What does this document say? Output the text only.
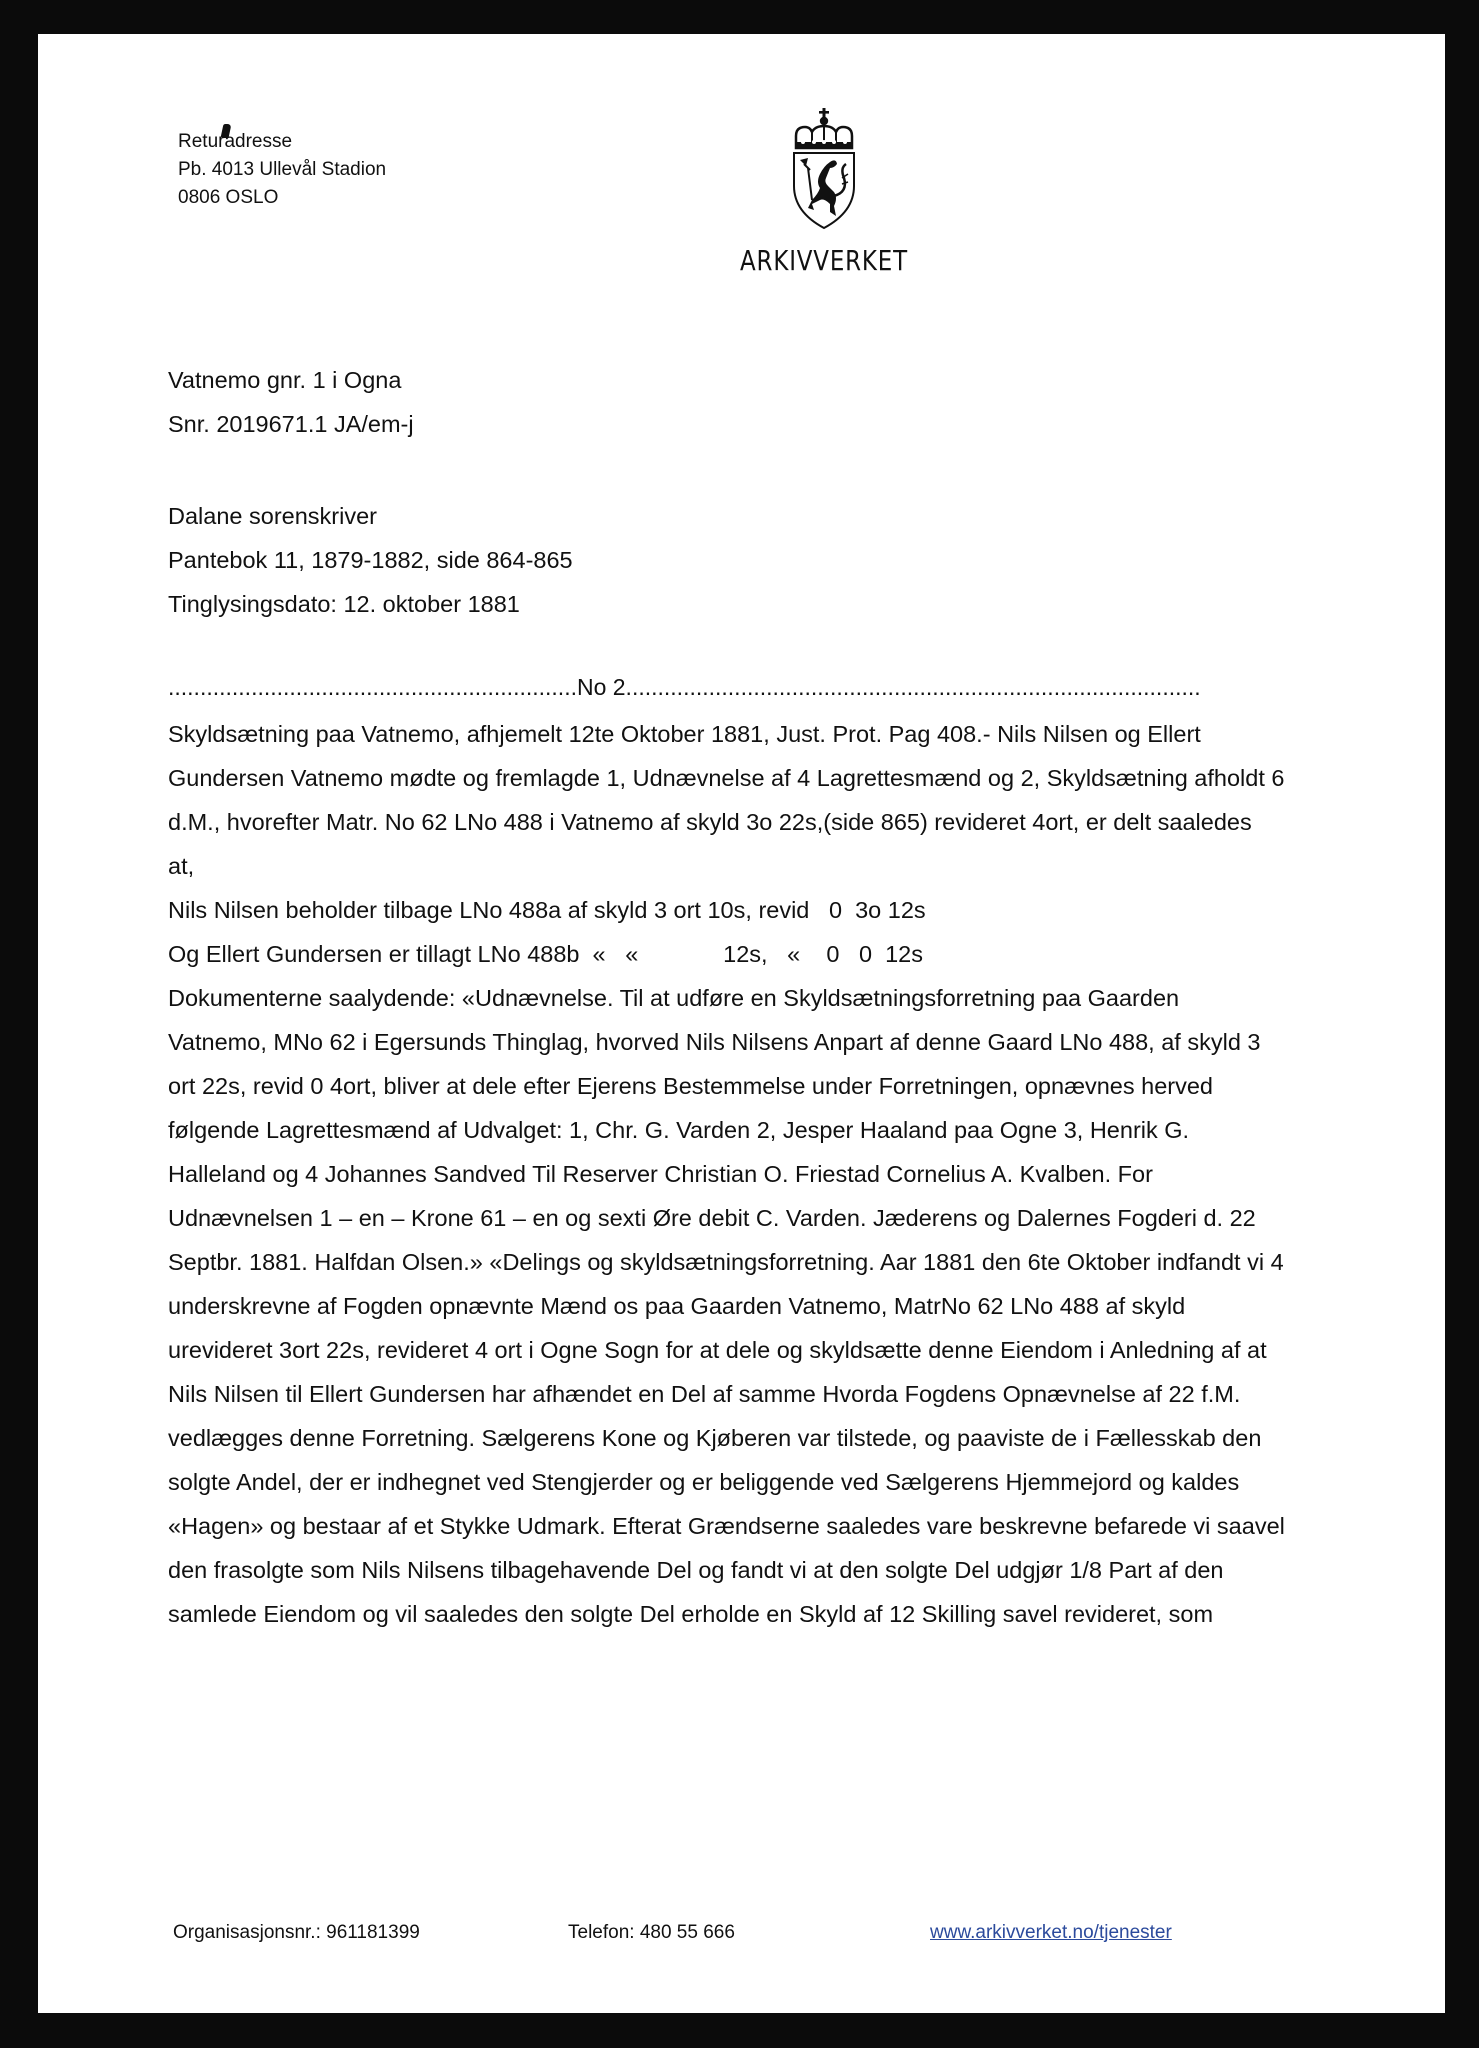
Returadresse
Pb. 4013 Ullevål Stadion
0806 OSLO
ARKIVVERKET
Vatnemo gnr. 1 i Ogna
Snr. 2019671.1 JA/em-j
Dalane sorenskriver
Pantebok 11, 1879-1882, side 864-865
Tinglysingsdato: 12. oktober 1881
................................................................No 2..........................................................................................
Skyldsætning paa Vatnemo, afhjemelt 12te Oktober 1881, Just. Prot. Pag 408.- Nils Nilsen og Ellert
Gundersen Vatnemo mødte og fremlagde 1, Udnævnelse af 4 Lagrettesmænd og 2, Skyldsætning afholdt 6
d.M., hvorefter Matr. No 62 LNo 488 i Vatnemo af skyld 3o 22s,(side 865) revideret 4ort, er delt saaledes
at,
Nils Nilsen beholder tilbage LNo 488a af skyld 3 ort 10s, revid   0  3o 12s
Og Ellert Gundersen er tillagt LNo 488b  «   «             12s,   «    0   0  12s
Dokumenterne saalydende: «Udnævnelse. Til at udføre en Skyldsætningsforretning paa Gaarden
Vatnemo, MNo 62 i Egersunds Thinglag, hvorved Nils Nilsens Anpart af denne Gaard LNo 488, af skyld 3
ort 22s, revid 0 4ort, bliver at dele efter Ejerens Bestemmelse under Forretningen, opnævnes herved
følgende Lagrettesmænd af Udvalget: 1, Chr. G. Varden 2, Jesper Haaland paa Ogne 3, Henrik G.
Halleland og 4 Johannes Sandved Til Reserver Christian O. Friestad Cornelius A. Kvalben. For
Udnævnelsen 1 – en – Krone 61 – en og sexti Øre debit C. Varden. Jæderens og Dalernes Fogderi d. 22
Septbr. 1881. Halfdan Olsen.» «Delings og skyldsætningsforretning. Aar 1881 den 6te Oktober indfandt vi 4
underskrevne af Fogden opnævnte Mænd os paa Gaarden Vatnemo, MatrNo 62 LNo 488 af skyld
urevideret 3ort 22s, revideret 4 ort i Ogne Sogn for at dele og skyldsætte denne Eiendom i Anledning af at
Nils Nilsen til Ellert Gundersen har afhændet en Del af samme Hvorda Fogdens Opnævnelse af 22 f.M.
vedlægges denne Forretning. Sælgerens Kone og Kjøberen var tilstede, og paaviste de i Fællesskab den
solgte Andel, der er indhegnet ved Stengjerder og er beliggende ved Sælgerens Hjemmejord og kaldes
«Hagen» og bestaar af et Stykke Udmark. Efterat Grændserne saaledes vare beskrevne befarede vi saavel
den frasolgte som Nils Nilsens tilbagehavende Del og fandt vi at den solgte Del udgjør 1/8 Part af den
samlede Eiendom og vil saaledes den solgte Del erholde en Skyld af 12 Skilling savel revideret, som
Organisasjonsnr.: 961181399	Telefon: 480 55 666	www.arkivverket.no/tjenester
